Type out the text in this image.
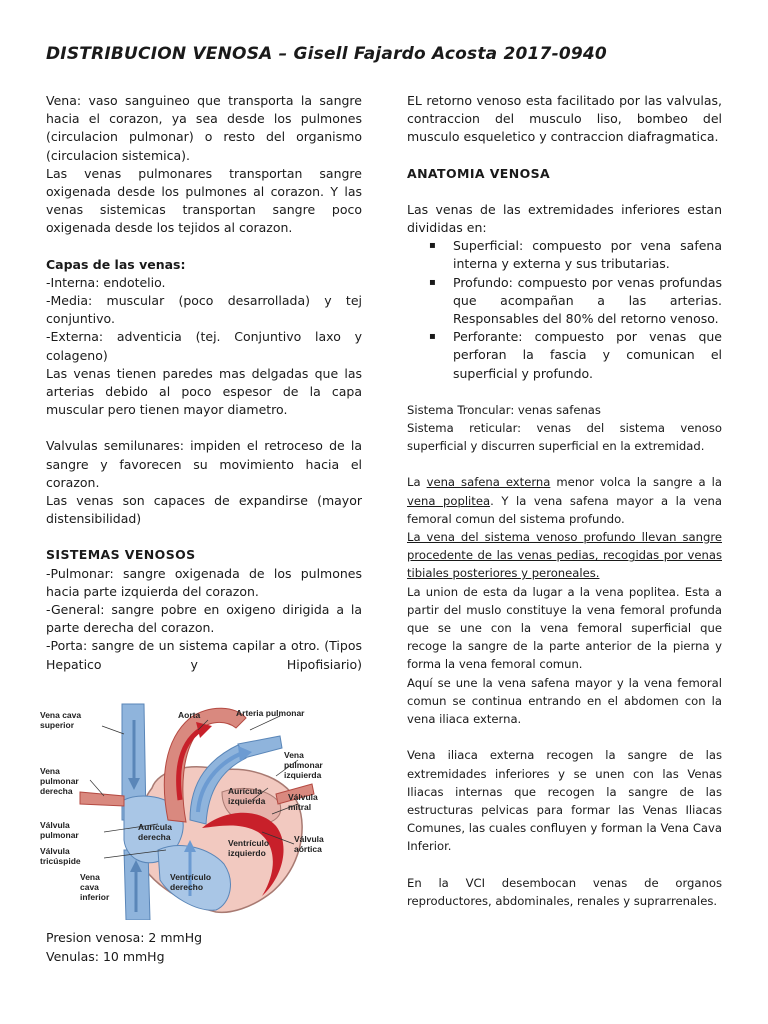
DISTRIBUCION VENOSA – Gisell Fajardo Acosta 2017-0940

Vena: vaso sanguineo que transporta la sangre hacia el corazon, ya sea desde los pulmones (circulacion pulmonar) o resto del organismo (circulacion sistemica).

Las venas pulmonares transportan sangre oxigenada desde los pulmones al corazon. Y las venas sistemicas transportan sangre poco oxigenada desde los tejidos al corazon.

Capas de las venas:

-Interna: endotelio.

-Media: muscular (poco desarrollada) y tej conjuntivo.

-Externa: adventicia (tej. Conjuntivo laxo y colageno)

Las venas tienen paredes mas delgadas que las arterias debido al poco espesor de la capa muscular pero tienen mayor diametro.

Valvulas semilunares: impiden el retroceso de la sangre y favorecen su movimiento hacia el corazon.

Las venas son capaces de expandirse (mayor distensibilidad)

SISTEMAS VENOSOS

-Pulmonar: sangre oxigenada de los pulmones hacia parte izquierda del corazon.

-General: sangre pobre en oxigeno dirigida a la parte derecha del corazon.

-Porta: sangre de un sistema capilar a otro. (Tipos Hepatico y Hipofisiario)

Vena cava superior
Aorta	Arteria pulmonar
Vena pulmonar derecha
Vena pulmonar izquierda
Aurícula izquierda	Válvula mitral
Válvula pulmonar
Aurícula derecha
Válvula tricúspide
Ventrículo izquierdo
Válvula aórtica
Vena cava inferior
Ventrículo derecho
Presion venosa: 2 mmHg
Venulas: 10 mmHg

EL retorno venoso esta facilitado por las valvulas, contraccion del musculo liso, bombeo del musculo esqueletico y contraccion diafragmatica.

ANATOMIA VENOSA

Las venas de las extremidades inferiores estan divididas en:

▪ Superficial: compuesto por vena safena interna y externa y sus tributarias.
▪ Profundo: compuesto por venas profundas que acompañan a las arterias. Responsables del 80% del retorno venoso.
▪ Perforante: compuesto por venas que perforan la fascia y comunican el superficial y profundo.

Sistema Troncular: venas safenas

Sistema reticular: venas del sistema venoso superficial y discurren superficial en la extremidad.

La vena safena externa menor volca la sangre a la vena poplitea. Y la vena safena mayor a la vena femoral comun del sistema profundo.

La vena del sistema venoso profundo llevan sangre procedente de las venas pedias, recogidas por venas tibiales posteriores y peroneales.

La union de esta da lugar a la vena poplitea. Esta a partir del muslo constituye la vena femoral profunda que se une con la vena femoral superficial que recoge la sangre de la parte anterior de la pierna y forma la vena femoral comun.

Aquí se une la vena safena mayor y la vena femoral comun se continua entrando en el abdomen con la vena iliaca externa.

Vena iliaca externa recogen la sangre de las extremidades inferiores y se unen con las Venas Iliacas internas que recogen la sangre de las estructuras pelvicas para formar las Venas Iliacas Comunes, las cuales confluyen y forman la Vena Cava Inferior.

En la VCI desembocan venas de organos reproductores, abdominales, renales y suprarrenales.
